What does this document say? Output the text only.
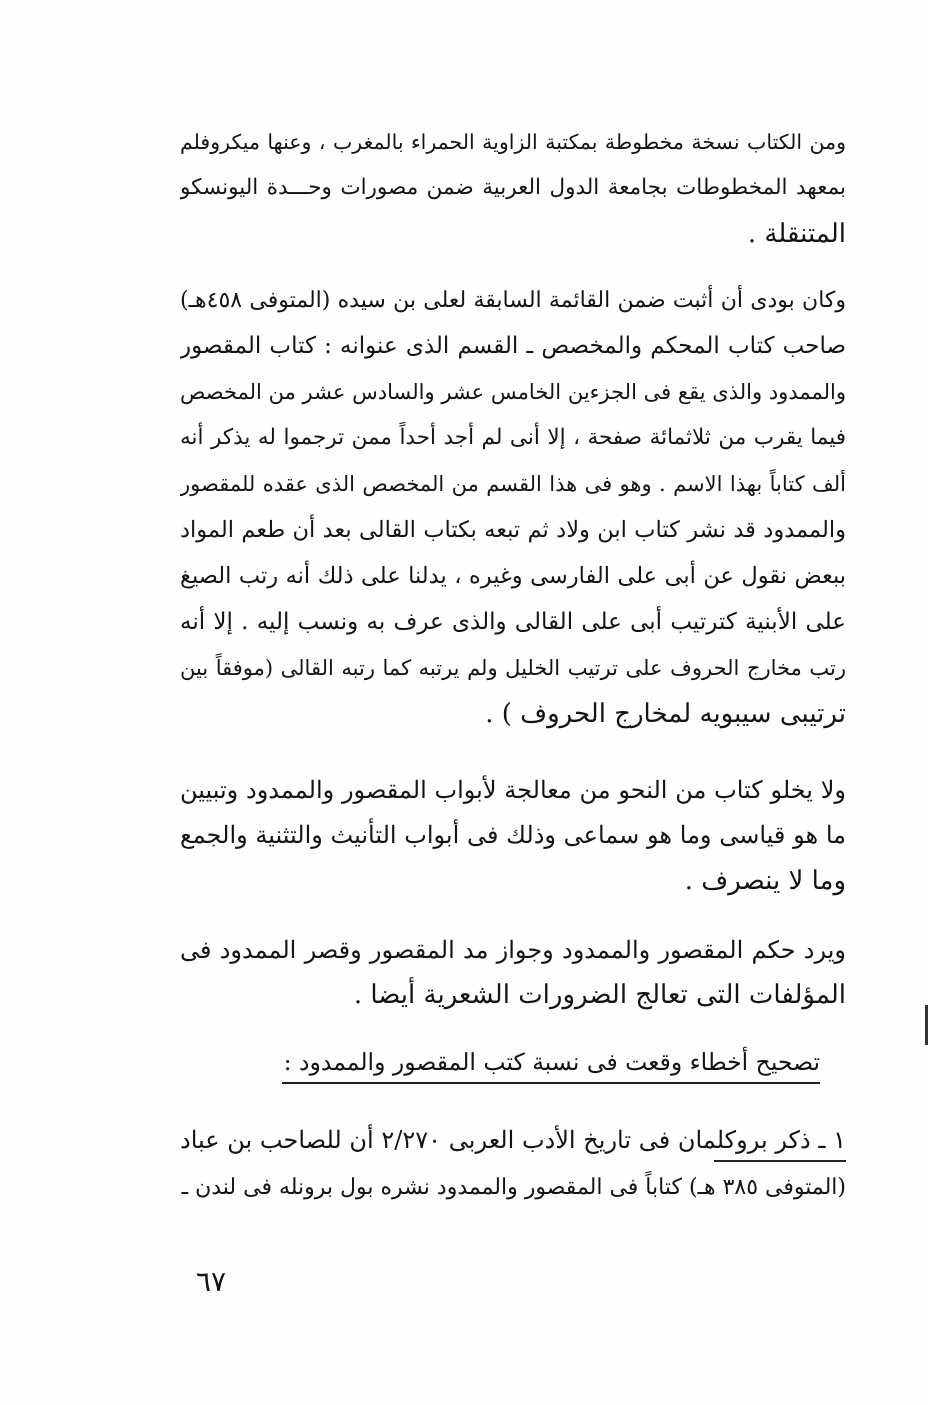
ومن الكتاب نسخة مخطوطة بمكتبة الزاوية الحمراء بالمغرب ، وعنها ميكروفلم
بمعهد المخطوطات بجامعة الدول العربية ضمن مصورات وحـــدة اليونسكو
المتنقلة .
وكان بودى أن أثبت ضمن القائمة السابقة لعلى بن سيده (المتوفى ٤٥٨هـ)
صاحب كتاب المحكم والمخصص ـ القسم الذى عنوانه : كتاب المقصور
والممدود والذى يقع فى الجزءين الخامس عشر والسادس عشر من المخصص
فيما يقرب من ثلاثمائة صفحة ، إلا أنى لم أجد أحداً ممن ترجموا له يذكر أنه
ألف كتاباً بهذا الاسم . وهو فى هذا القسم من المخصص الذى عقده للمقصور
والممدود قد نشر كتاب ابن ولاد ثم تبعه بكتاب القالى بعد أن طعم المواد
ببعض نقول عن أبى على الفارسى وغيره ، يدلنا على ذلك أنه رتب الصيغ
على الأبنية كترتيب أبى على القالى والذى عرف به ونسب إليه . إلا أنه
رتب مخارج الحروف على ترتيب الخليل ولم يرتبه كما رتبه القالى (موفقاً بين
ترتيبى سيبويه لمخارج الحروف ) .
ولا يخلو كتاب من النحو من معالجة لأبواب المقصور والممدود وتبيين
ما هو قياسى وما هو سماعى وذلك فى أبواب التأنيث والتثنية والجمع
وما لا ينصرف .
ويرد حكم المقصور والممدود وجواز مد المقصور وقصر الممدود فى
المؤلفات التى تعالج الضرورات الشعرية أيضا .
تصحيح أخطاء وقعت فى نسبة كتب المقصور والممدود :
١ ـ ذكر بروكلمان فى تاريخ الأدب العربى ٢/٢٧٠ أن للصاحب بن عباد
(المتوفى ٣٨٥ هـ) كتاباً فى المقصور والممدود نشره بول برونله فى لندن ـ
٦٧
